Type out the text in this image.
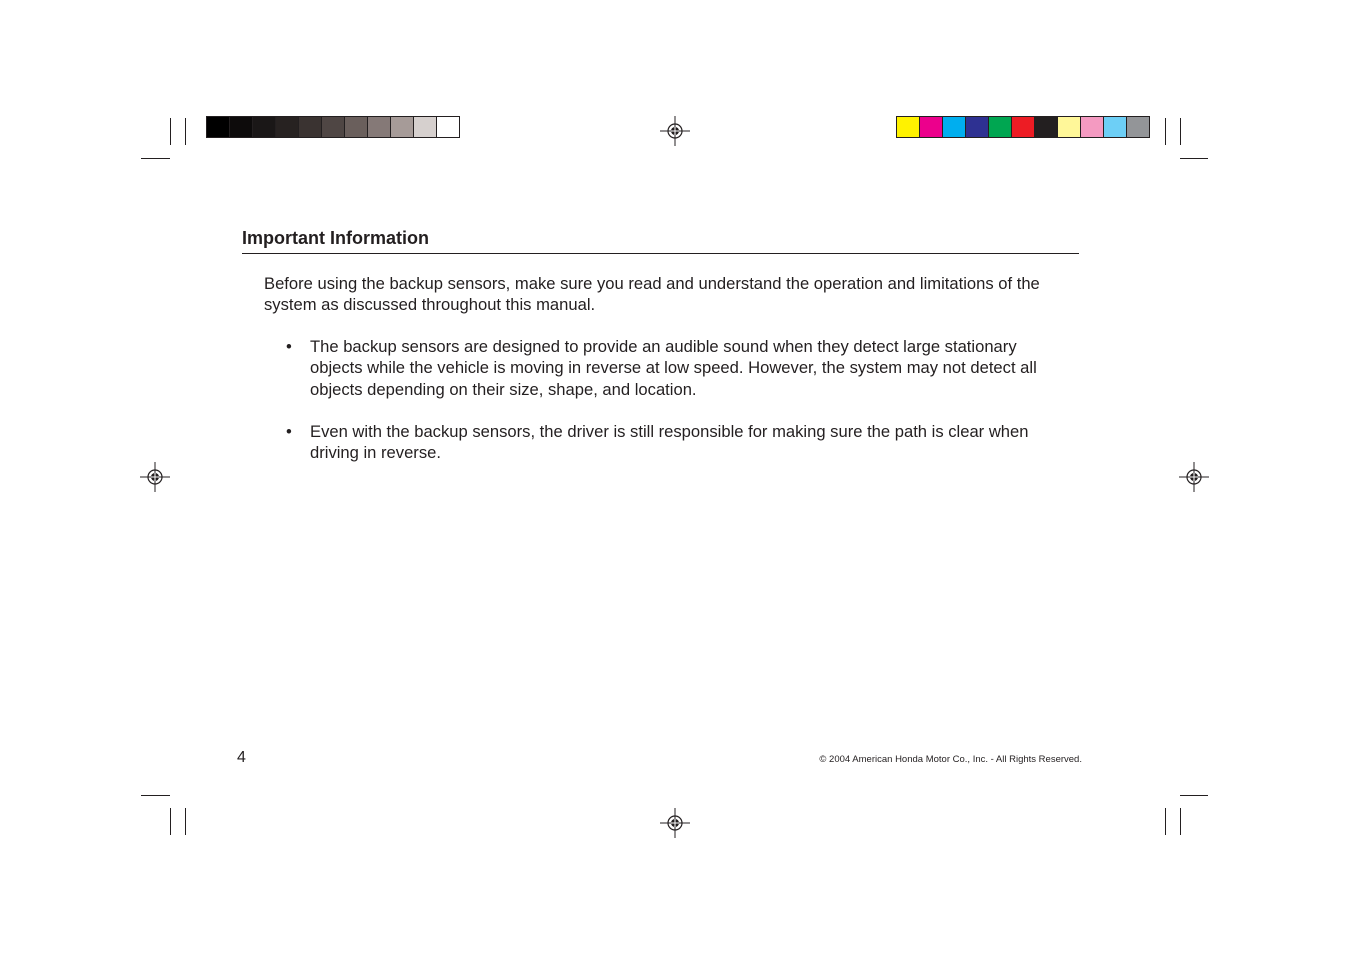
Important Information

Before using the backup sensors, make sure you read and understand the operation and limitations of the system as discussed throughout this manual.

• The backup sensors are designed to provide an audible sound when they detect large stationary objects while the vehicle is moving in reverse at low speed. However, the system may not detect all objects depending on their size, shape, and location.
• Even with the backup sensors, the driver is still responsible for making sure the path is clear when driving in reverse.
4	© 2004 American Honda Motor Co., Inc. - All Rights Reserved.
